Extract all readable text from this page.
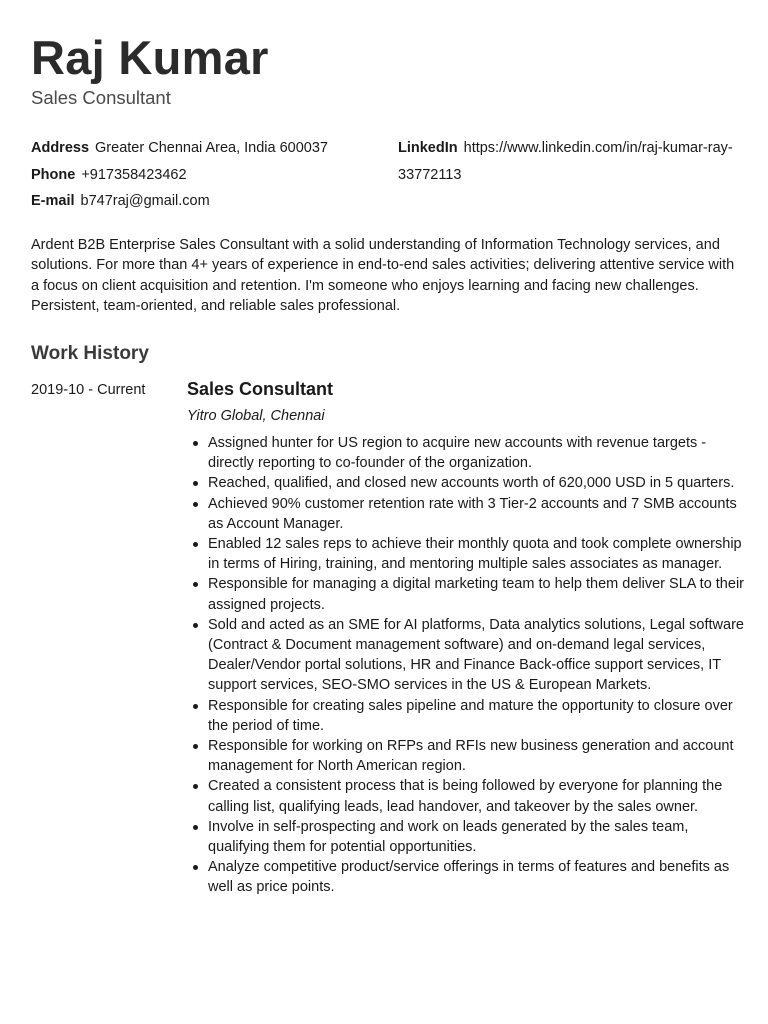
Raj Kumar
Sales Consultant
Address Greater Chennai Area, India 600037
Phone +917358423462
E-mail b747raj@gmail.com
LinkedIn https://www.linkedin.com/in/raj-kumar-ray-33772113

Ardent B2B Enterprise Sales Consultant with a solid understanding of Information Technology services, and solutions. For more than 4+ years of experience in end-to-end sales activities; delivering attentive service with a focus on client acquisition and retention. I'm someone who enjoys learning and facing new challenges. Persistent, team-oriented, and reliable sales professional.

Work History
2019-10 - Current Sales Consultant
Yitro Global, Chennai
Assigned hunter for US region to acquire new accounts with revenue targets - directly reporting to co-founder of the organization.
Reached, qualified, and closed new accounts worth of 620,000 USD in 5 quarters.
Achieved 90% customer retention rate with 3 Tier-2 accounts and 7 SMB accounts as Account Manager.
Enabled 12 sales reps to achieve their monthly quota and took complete ownership in terms of Hiring, training, and mentoring multiple sales associates as manager.
Responsible for managing a digital marketing team to help them deliver SLA to their assigned projects.
Sold and acted as an SME for AI platforms, Data analytics solutions, Legal software (Contract & Document management software) and on-demand legal services, Dealer/Vendor portal solutions, HR and Finance Back-office support services, IT support services, SEO-SMO services in the US & European Markets.
Responsible for creating sales pipeline and mature the opportunity to closure over the period of time.
Responsible for working on RFPs and RFIs new business generation and account management for North American region.
Created a consistent process that is being followed by everyone for planning the calling list, qualifying leads, lead handover, and takeover by the sales owner.
Involve in self-prospecting and work on leads generated by the sales team, qualifying them for potential opportunities.
Analyze competitive product/service offerings in terms of features and benefits as well as price points.
